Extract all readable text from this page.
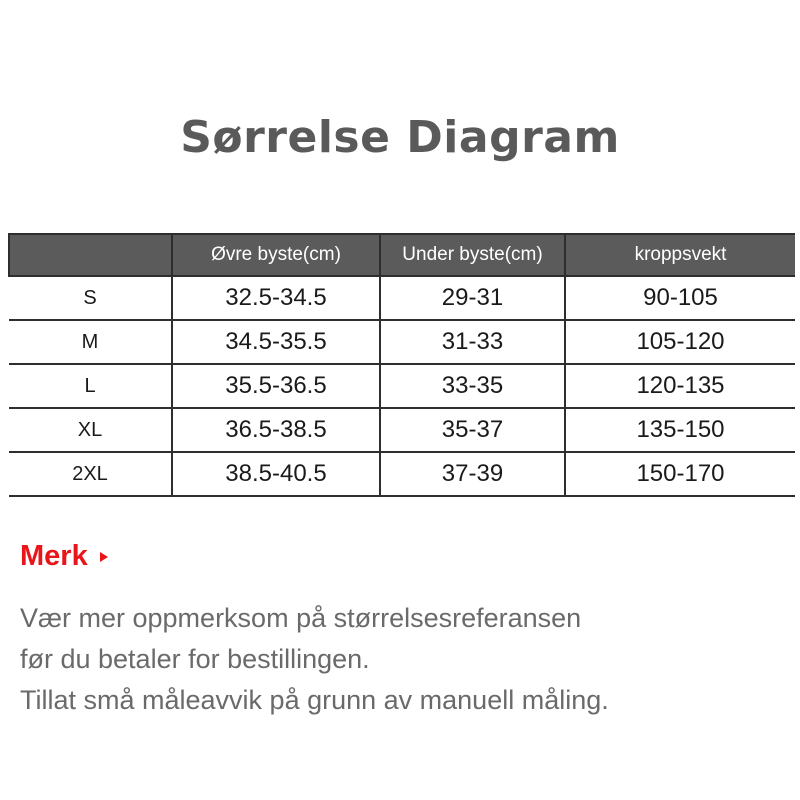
Sørrelse Diagram
	Øvre byste(cm)	Under byste(cm)	kroppsvekt
S	32.5-34.5	29-31	90-105
M	34.5-35.5	31-33	105-120
L	35.5-36.5	33-35	120-135
XL	36.5-38.5	35-37	135-150
2XL	38.5-40.5	37-39	150-170
Merk
Vær mer oppmerksom på størrelsesreferansen
før du betaler for bestillingen.
Tillat små måleavvik på grunn av manuell måling.
